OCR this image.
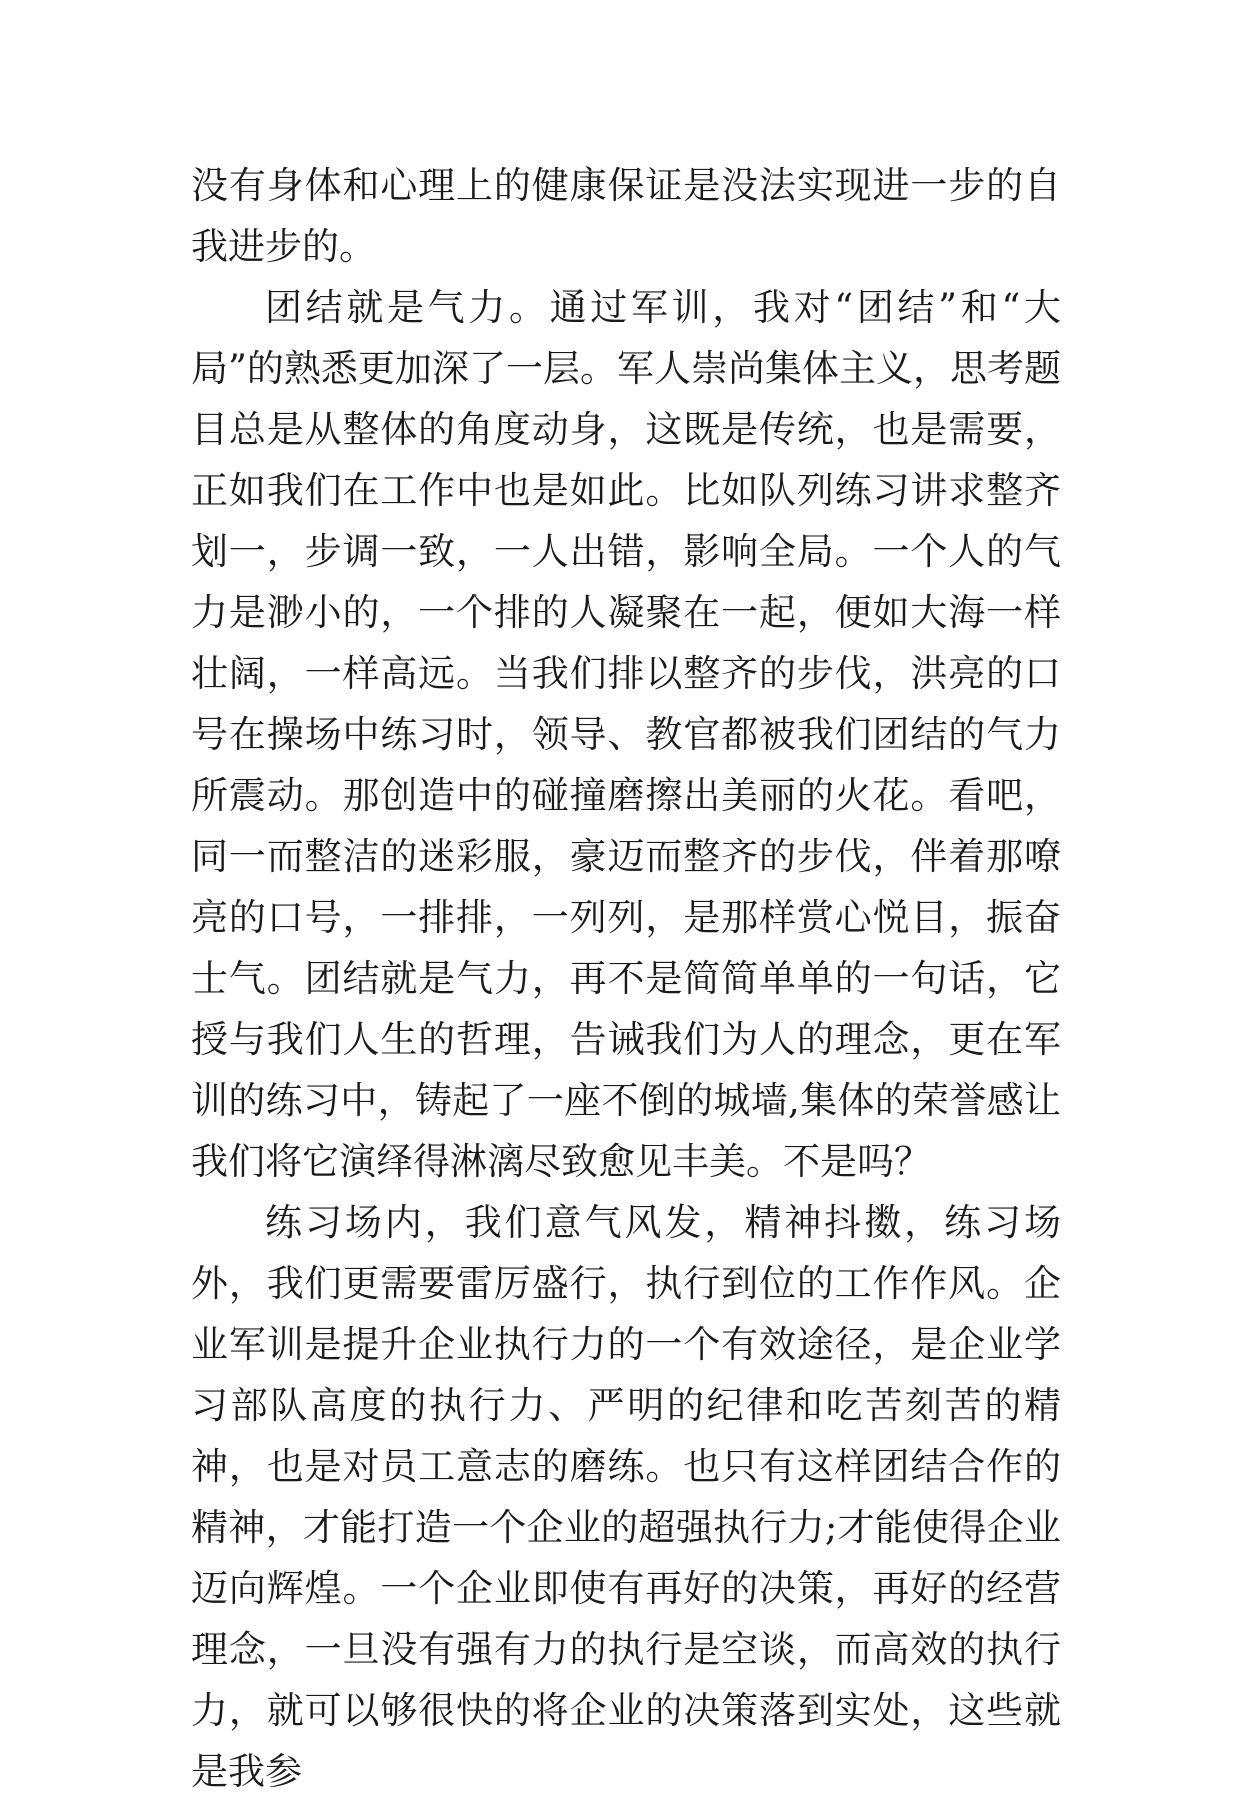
没有身体和心理上的健康保证是没法实现进一步的自我进步的。

团结就是气力。通过军训，我对“团结”和“大局”的熟悉更加深了一层。军人崇尚集体主义，思考题目总是从整体的角度动身，这既是传统，也是需要，正如我们在工作中也是如此。比如队列练习讲求整齐划一，步调一致，一人出错，影响全局。一个人的气力是渺小的，一个排的人凝聚在一起，便如大海一样壮阔，一样高远。当我们排以整齐的步伐，洪亮的口号在操场中练习时，领导、教官都被我们团结的气力所震动。那创造中的碰撞磨擦出美丽的火花。看吧，同一而整洁的迷彩服，豪迈而整齐的步伐，伴着那嘹亮的口号，一排排，一列列，是那样赏心悦目，振奋士气。团结就是气力，再不是简简单单的一句话，它授与我们人生的哲理，告诫我们为人的理念，更在军训的练习中，铸起了一座不倒的城墙,集体的荣誉感让我们将它演绎得淋漓尽致愈见丰美。不是吗？

练习场内，我们意气风发，精神抖擞，练习场外，我们更需要雷厉盛行，执行到位的工作作风。企业军训是提升企业执行力的一个有效途径，是企业学习部队高度的执行力、严明的纪律和吃苦刻苦的精神，也是对员工意志的磨练。也只有这样团结合作的精神，才能打造一个企业的超强执行力;才能使得企业迈向辉煌。一个企业即使有再好的决策，再好的经营理念，一旦没有强有力的执行是空谈，而高效的执行力，就可以够很快的将企业的决策落到实处，这些就是我参
